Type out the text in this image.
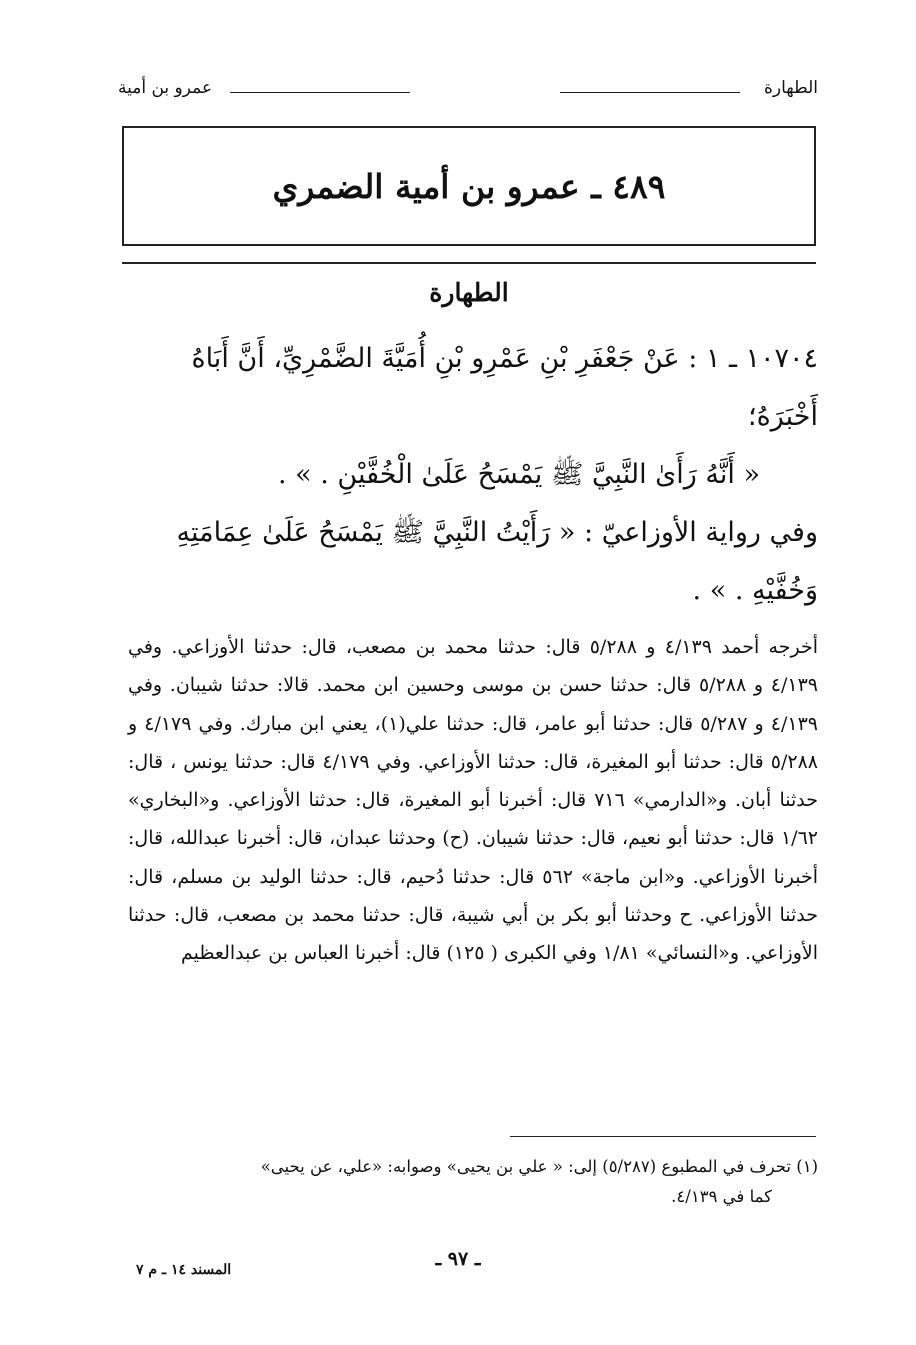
الطهارة
عمرو بن أمية
٤٨٩ ـ عمرو بن أمية الضمري
الطهارة

١٠٧٠٤ ـ ١ : عَنْ جَعْفَرِ بْنِ عَمْرِو بْنِ أُمَيَّةَ الضَّمْرِيِّ، أَنَّ أَبَاهُ أَخْبَرَهُ؛

« أَنَّهُ رَأَىٰ النَّبِيَّ ﷺ يَمْسَحُ عَلَىٰ الْخُفَّيْنِ . » .

وفي رواية الأوزاعيّ : « رَأَيْتُ النَّبِيَّ ﷺ يَمْسَحُ عَلَىٰ عِمَامَتِهِ وَخُفَّيْهِ . » .

أخرجه أحمد ٤/١٣٩ و ٥/٢٨٨ قال: حدثنا محمد بن مصعب، قال: حدثنا الأوزاعي. وفي ٤/١٣٩ و ٥/٢٨٨ قال: حدثنا حسن بن موسى وحسين ابن محمد. قالا: حدثنا شيبان. وفي ٤/١٣٩ و ٥/٢٨٧ قال: حدثنا أبو عامر، قال: حدثنا علي(١)، يعني ابن مبارك. وفي ٤/١٧٩ و ٥/٢٨٨ قال: حدثنا أبو المغيرة، قال: حدثنا الأوزاعي. وفي ٤/١٧٩ قال: حدثنا يونس ، قال: حدثنا أبان. و«الدارمي» ٧١٦ قال: أخبرنا أبو المغيرة، قال: حدثنا الأوزاعي. و«البخاري» ١/٦٢ قال: حدثنا أبو نعيم، قال: حدثنا شيبان. (ح) وحدثنا عبدان، قال: أخبرنا عبدالله، قال: أخبرنا الأوزاعي. و«ابن ماجة» ٥٦٢ قال: حدثنا دُحيم، قال: حدثنا الوليد بن مسلم، قال: حدثنا الأوزاعي. ح وحدثنا أبو بكر بن أبي شيبة، قال: حدثنا محمد بن مصعب، قال: حدثنا الأوزاعي. و«النسائي» ١/٨١ وفي الكبرى ( ١٢٥) قال: أخبرنا العباس بن عبدالعظيم

(١) تحرف في المطبوع (٥/٢٨٧) إلى: « علي بن يحيى» وصوابه: «علي، عن يحيى»
كما في ٤/١٣٩.
ـ ٩٧ ـ
المسند ١٤ ـ م ٧
